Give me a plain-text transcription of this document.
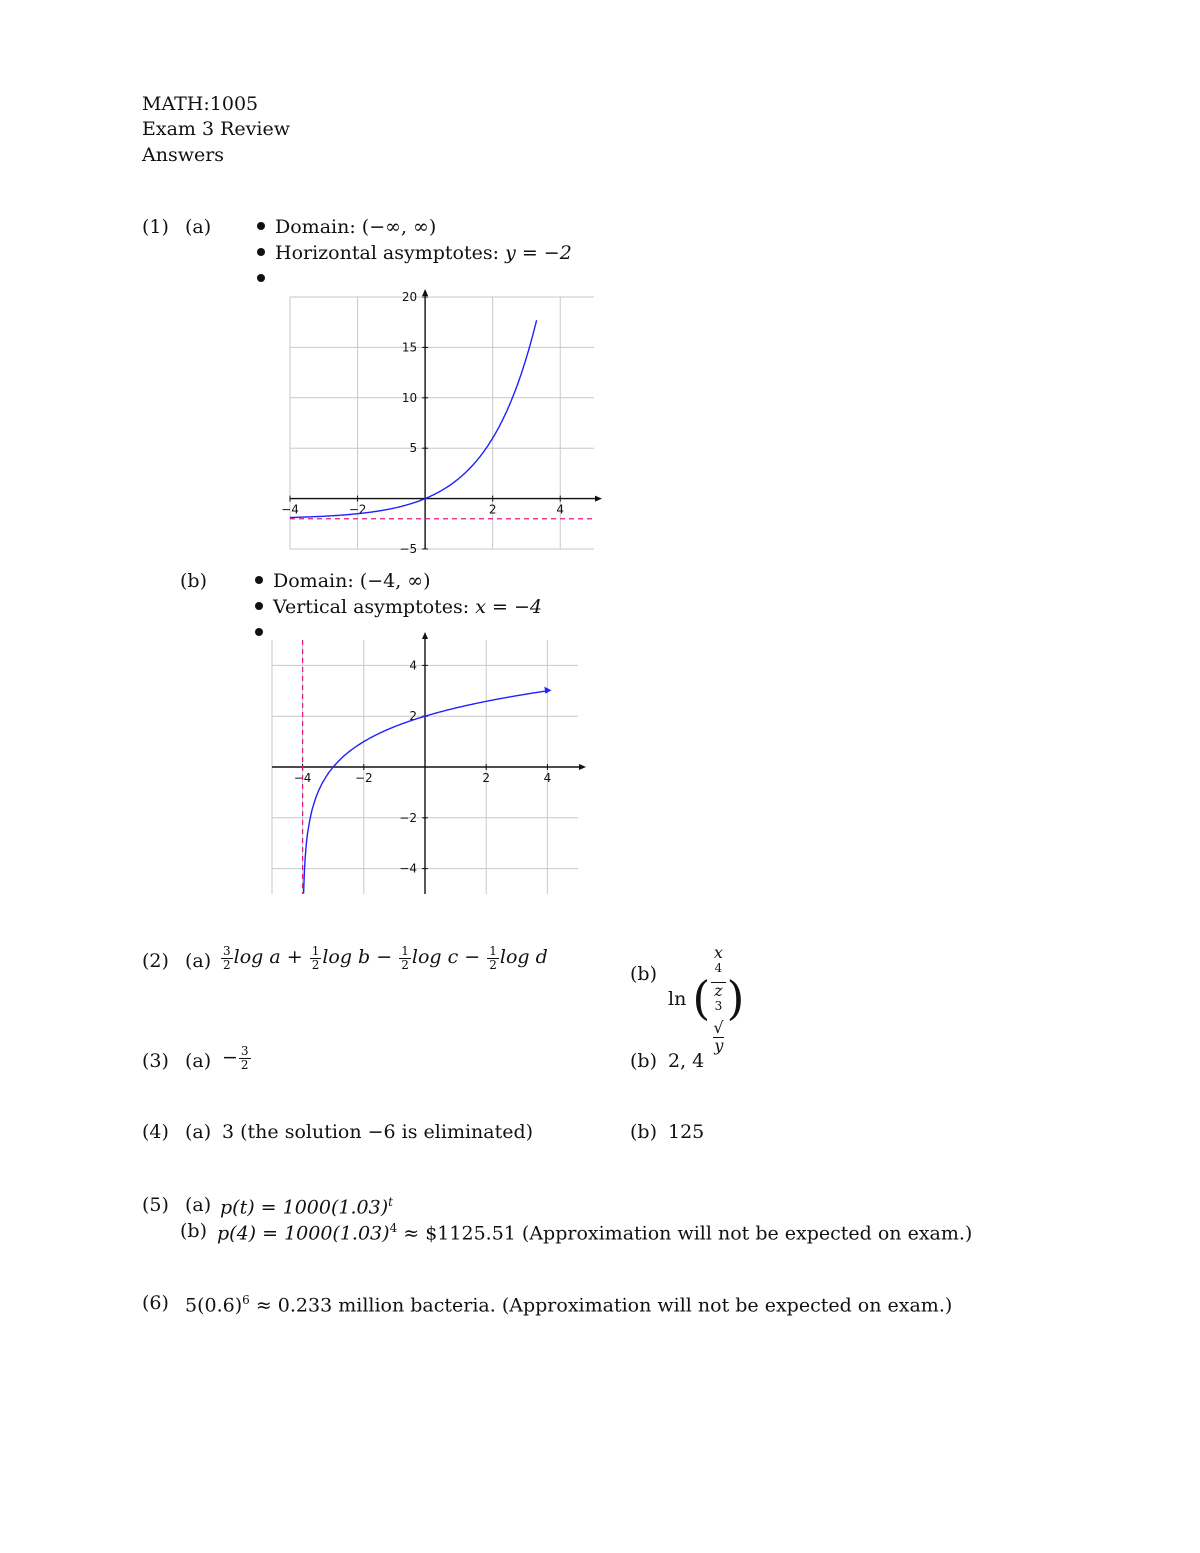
MATH:1005
Exam 3 Review
Answers
(1) (a)	Domain: (−∞, ∞)
Horizontal asymptotes: y = −2
−4	−2	2	4
−5
5
10
15
20
(b)	Domain: (−4, ∞)
Vertical asymptotes: x = −4
−4	−2	2	4
−4
−2
2
4
(2) $(a) \frac{3}{2}$ $\log a + \frac{1}{2}$ $\log b - \frac{1}{2}$ $\log c - \frac{1}{2}$ log d
(b)
ln ( x
$^4$
z
$^3$
√
y )
(3) $(a) - \frac{3}{2}$	(b) 2, 4
(4) (a) 3 (the solution −6 is eliminated)	(b) 125
(5) (a) $p(t) = 1000(1.03)^t$
(b) $p(4) = 1000(1.03)^4$ ≈ $1125.51 (Approximation will not be expected on exam.)
(6) $5(0.6)^6 \approx 0.233$ million bacteria. (Approximation will not be expected on exam.)
